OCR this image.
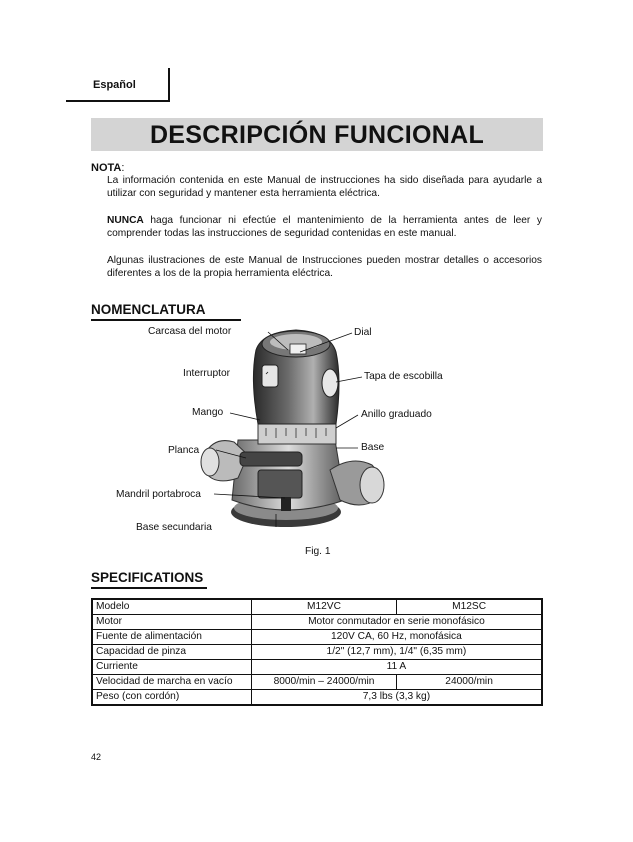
Español
DESCRIPCIÓN FUNCIONAL
NOTA:

La información contenida en este Manual de instrucciones ha sido diseñada para ayudarle a utilizar con seguridad y mantener esta herramienta eléctrica.

NUNCA haga funcionar ni efectúe el mantenimiento de la herramienta antes de leer y comprender todas las instrucciones de seguridad contenidas en este manual.

Algunas ilustraciones de este Manual de Instrucciones pueden mostrar detalles o accesorios diferentes a los de la propia herramienta eléctrica.

NOMENCLATURA
Carcasa del motor
Interruptor
Mango
Planca
Mandril portabroca
Base secundaria
Dial
Tapa de escobilla
Anillo graduado
Base
Fig. 1
SPECIFICATIONS
Modelo	M12VC	M12SC
Motor	Motor conmutador en serie monofásico	
Fuente de alimentación	120V CA, 60 Hz, monofásica	
Capacidad de pinza	1/2" (12,7 mm), 1/4" (6,35 mm)	
Curriente	11 A	
Velocidad de marcha en vacío	8000/min – 24000/min	24000/min
Peso (con cordón)	7,3 lbs (3,3 kg)	
42
